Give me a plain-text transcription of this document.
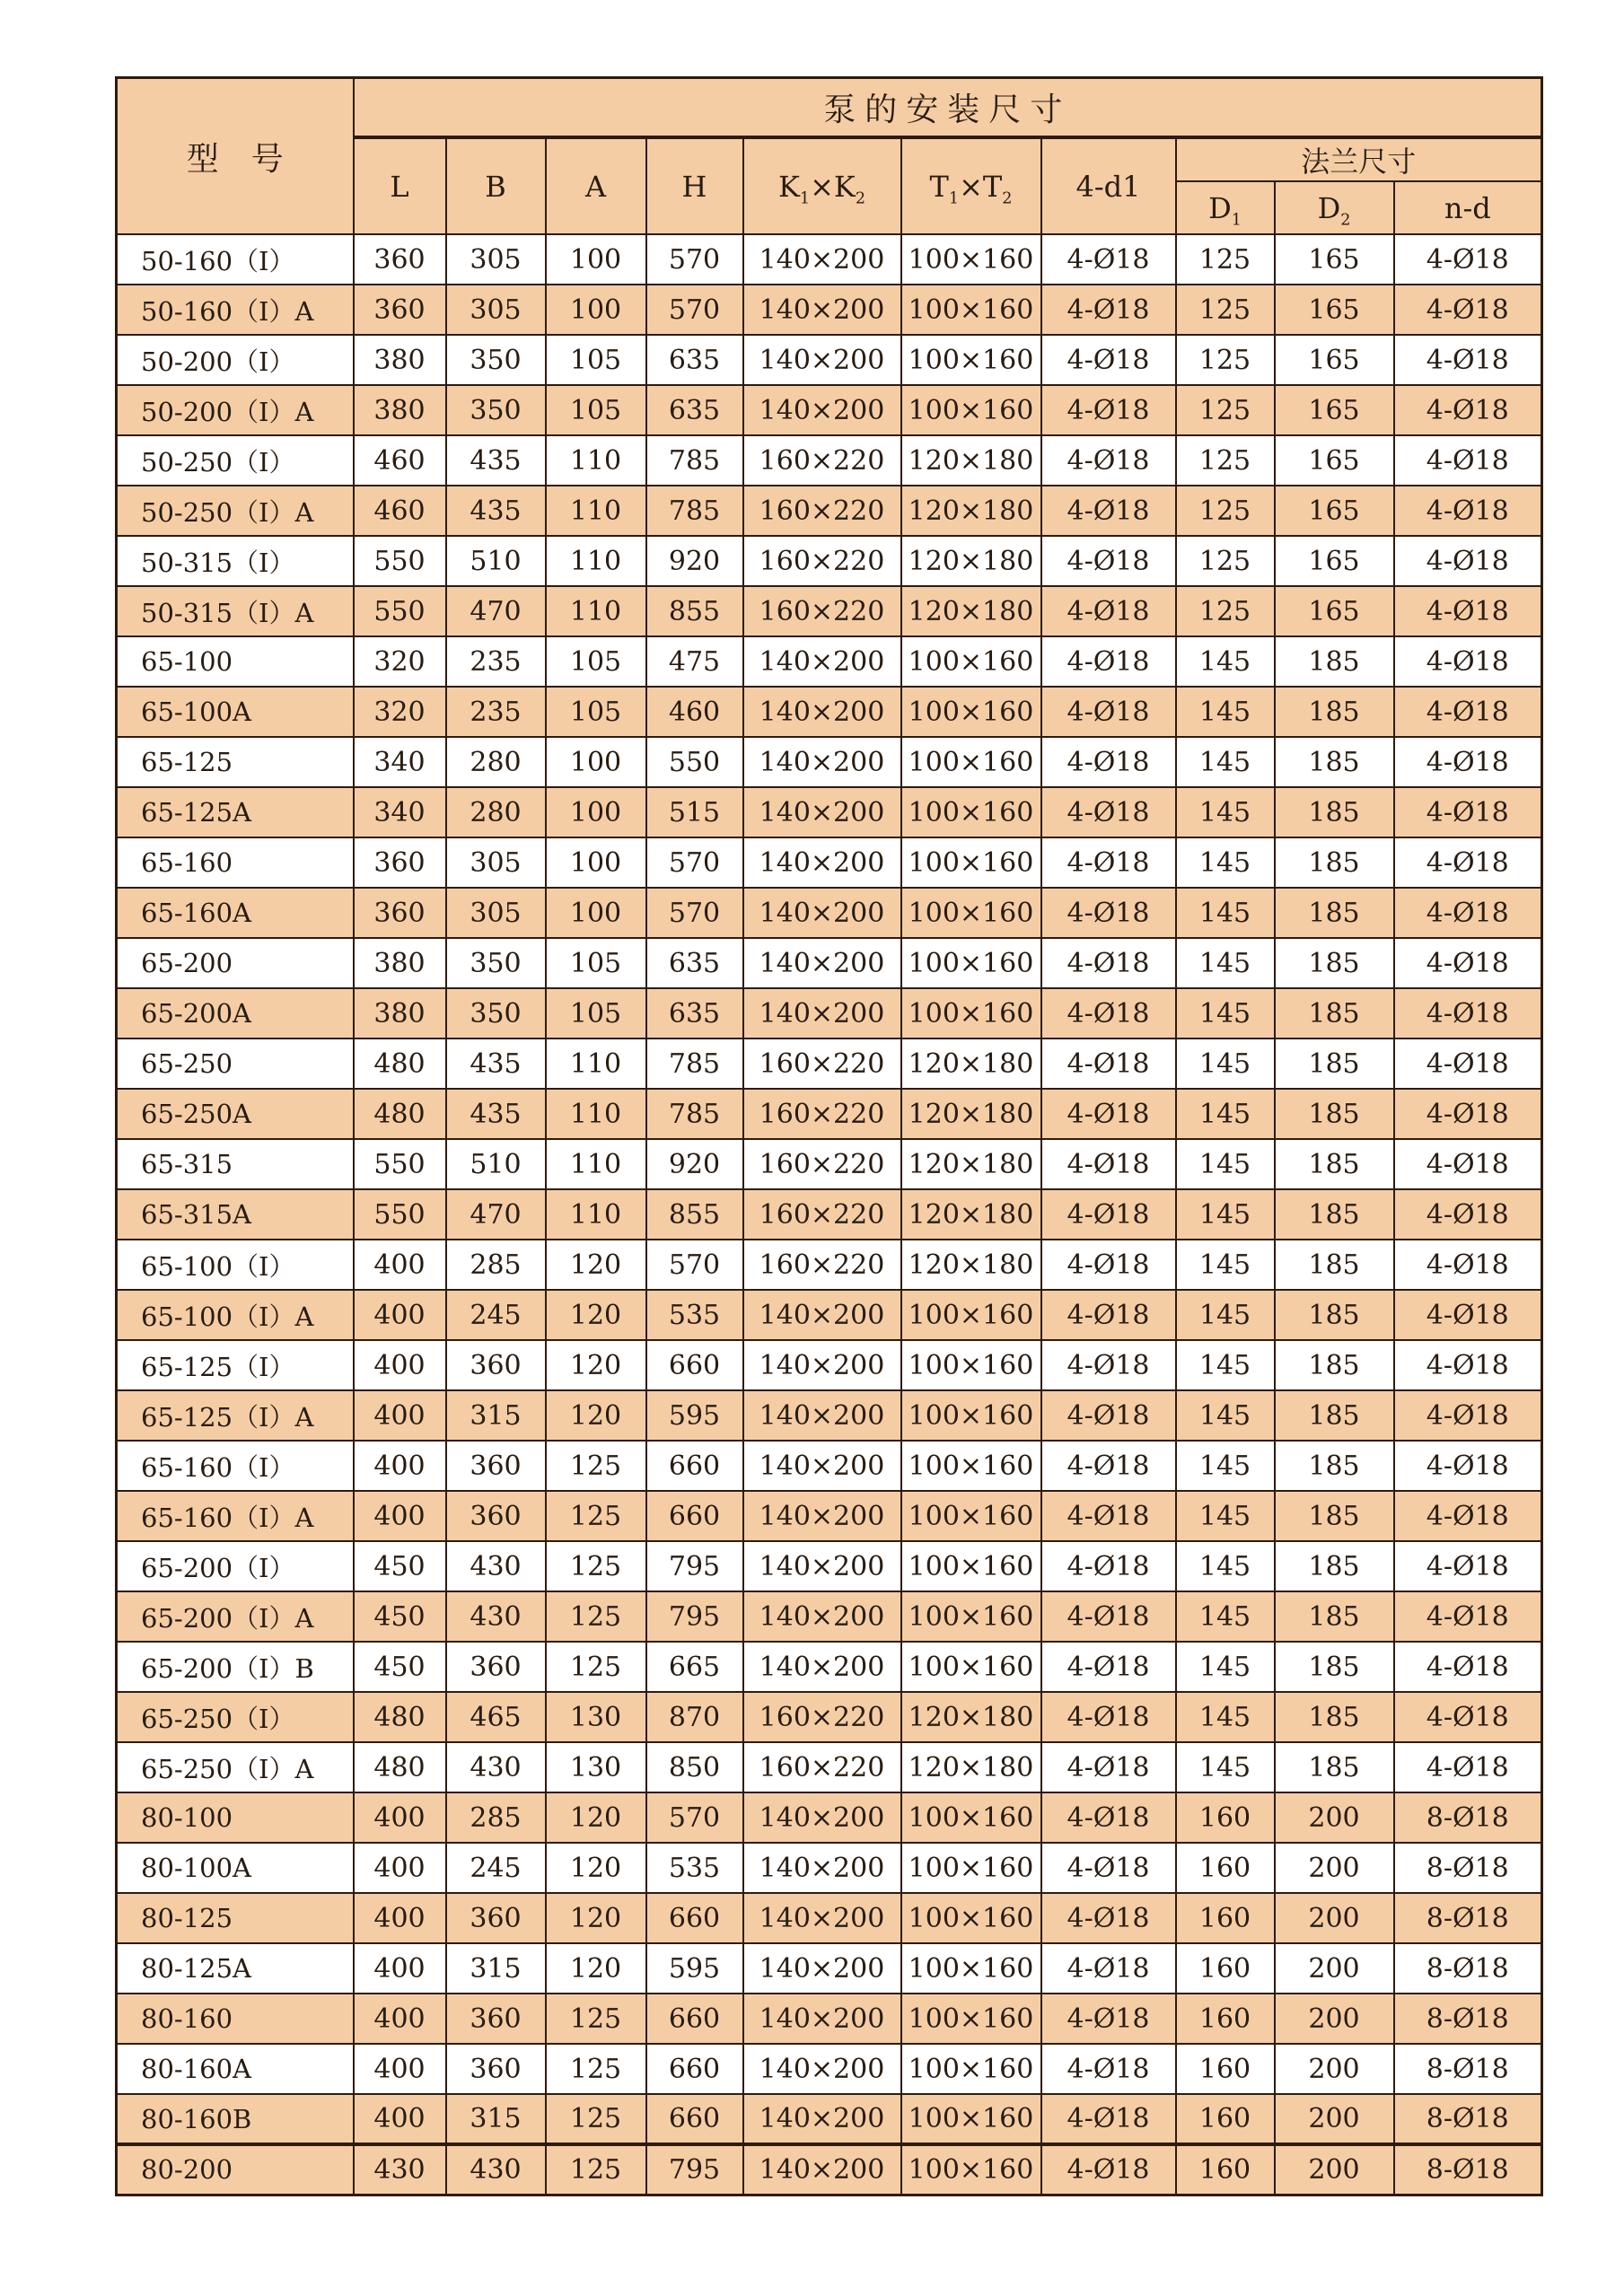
型　号	泵的安装尺寸									
	L	B	A	H	$K_1\times K_2$	$T_1\times T_2$	4-d1	法兰尺寸		
								$D_1$	$D_2$	n-d
50-160（I）	360	305	100	570	140×200	100×160	4-Ø18	125	165	4-Ø18
50-160（I）A	360	305	100	570	140×200	100×160	4-Ø18	125	165	4-Ø18
50-200（I）	380	350	105	635	140×200	100×160	4-Ø18	125	165	4-Ø18
50-200（I）A	380	350	105	635	140×200	100×160	4-Ø18	125	165	4-Ø18
50-250（I）	460	435	110	785	160×220	120×180	4-Ø18	125	165	4-Ø18
50-250（I）A	460	435	110	785	160×220	120×180	4-Ø18	125	165	4-Ø18
50-315（I）	550	510	110	920	160×220	120×180	4-Ø18	125	165	4-Ø18
50-315（I）A	550	470	110	855	160×220	120×180	4-Ø18	125	165	4-Ø18
65-100	320	235	105	475	140×200	100×160	4-Ø18	145	185	4-Ø18
65-100A	320	235	105	460	140×200	100×160	4-Ø18	145	185	4-Ø18
65-125	340	280	100	550	140×200	100×160	4-Ø18	145	185	4-Ø18
65-125A	340	280	100	515	140×200	100×160	4-Ø18	145	185	4-Ø18
65-160	360	305	100	570	140×200	100×160	4-Ø18	145	185	4-Ø18
65-160A	360	305	100	570	140×200	100×160	4-Ø18	145	185	4-Ø18
65-200	380	350	105	635	140×200	100×160	4-Ø18	145	185	4-Ø18
65-200A	380	350	105	635	140×200	100×160	4-Ø18	145	185	4-Ø18
65-250	480	435	110	785	160×220	120×180	4-Ø18	145	185	4-Ø18
65-250A	480	435	110	785	160×220	120×180	4-Ø18	145	185	4-Ø18
65-315	550	510	110	920	160×220	120×180	4-Ø18	145	185	4-Ø18
65-315A	550	470	110	855	160×220	120×180	4-Ø18	145	185	4-Ø18
65-100（I）	400	285	120	570	160×220	120×180	4-Ø18	145	185	4-Ø18
65-100（I）A	400	245	120	535	140×200	100×160	4-Ø18	145	185	4-Ø18
65-125（I）	400	360	120	660	140×200	100×160	4-Ø18	145	185	4-Ø18
65-125（I）A	400	315	120	595	140×200	100×160	4-Ø18	145	185	4-Ø18
65-160（I）	400	360	125	660	140×200	100×160	4-Ø18	145	185	4-Ø18
65-160（I）A	400	360	125	660	140×200	100×160	4-Ø18	145	185	4-Ø18
65-200（I）	450	430	125	795	140×200	100×160	4-Ø18	145	185	4-Ø18
65-200（I）A	450	430	125	795	140×200	100×160	4-Ø18	145	185	4-Ø18
65-200（I）B	450	360	125	665	140×200	100×160	4-Ø18	145	185	4-Ø18
65-250（I）	480	465	130	870	160×220	120×180	4-Ø18	145	185	4-Ø18
65-250（I）A	480	430	130	850	160×220	120×180	4-Ø18	145	185	4-Ø18
80-100	400	285	120	570	140×200	100×160	4-Ø18	160	200	8-Ø18
80-100A	400	245	120	535	140×200	100×160	4-Ø18	160	200	8-Ø18
80-125	400	360	120	660	140×200	100×160	4-Ø18	160	200	8-Ø18
80-125A	400	315	120	595	140×200	100×160	4-Ø18	160	200	8-Ø18
80-160	400	360	125	660	140×200	100×160	4-Ø18	160	200	8-Ø18
80-160A	400	360	125	660	140×200	100×160	4-Ø18	160	200	8-Ø18
80-160B	400	315	125	660	140×200	100×160	4-Ø18	160	200	8-Ø18
80-200	430	430	125	795	140×200	100×160	4-Ø18	160	200	8-Ø18
